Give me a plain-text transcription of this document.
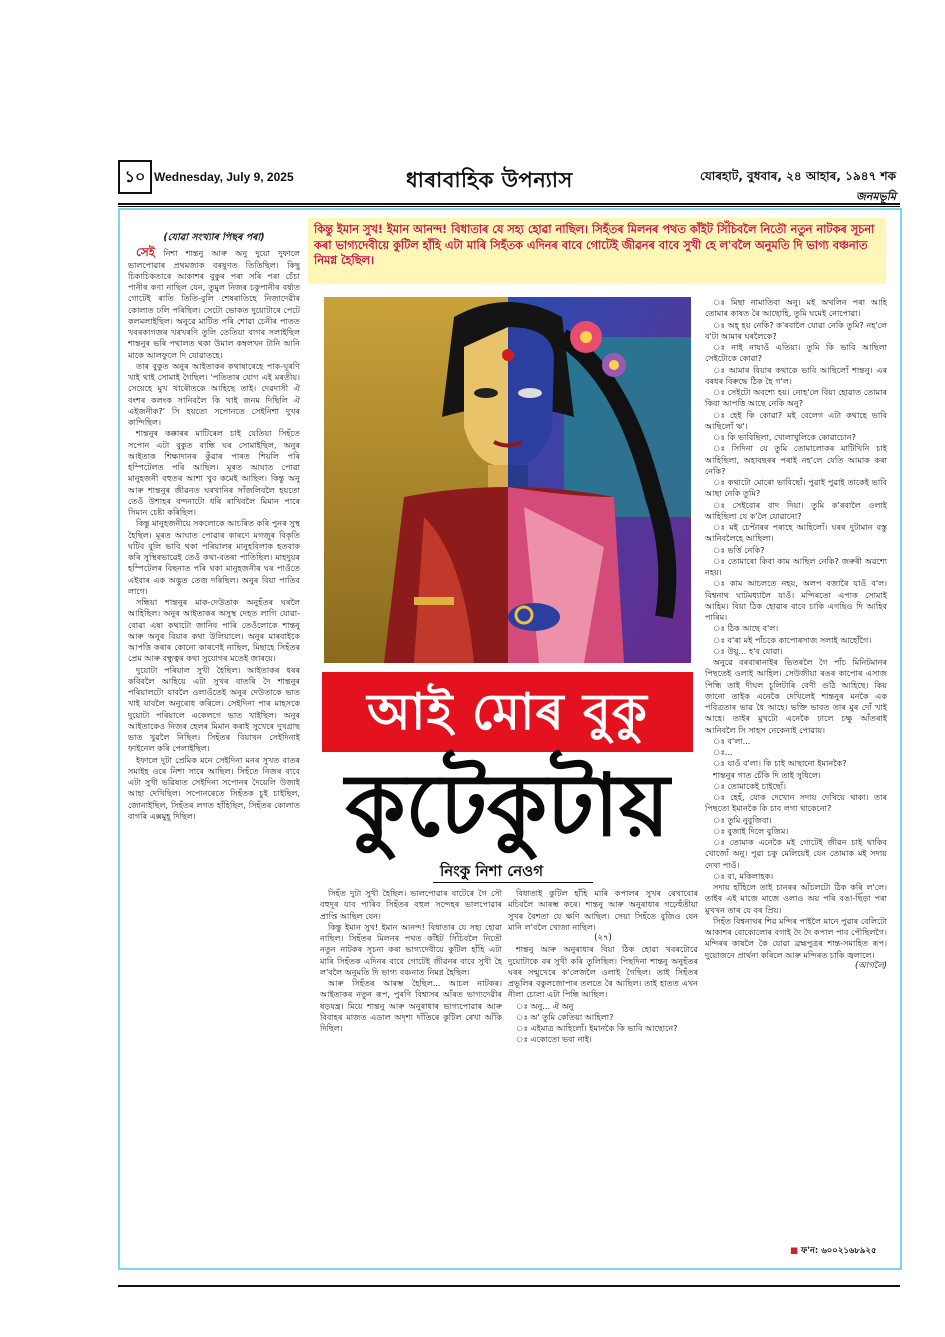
১০ Wednesday, July 9, 2025	ধাৰাবাহিক উপন্যাস	যোৰহাট, বুধবাৰ, ২৪ আহাৰ, ১৯৪৭ শক
জনমভূমি
কিন্তু ইমান সুখ! ইমান আনন্দ! বিধাতাৰ যে সহ্য হোৱা নাছিল। সিহঁতৰ মিলনৰ পথত কাঁইট সিঁচিবলৈ নিতৌ নতুন নাটকৰ সূচনা কৰা ভাগ্যদেবীয়ে কুটিল হাঁহি এটা মাৰি সিহঁতক এদিনৰ বাবে গোটেই জীৱনৰ বাবে সুখী হে ল'বলৈ অনুমতি দি ভাগ্য বঞ্চনাত নিমগ্ন হৈছিল।
আই মোৰ বুকু
কুটেকুটায়
নিংকু নিশা নেওগ
(যোৱা সংখ্যাৰ পিছৰ পৰা)

সেই নিশা শান্তনু আৰু অনু দুয়ো দুফালে ভালপোৱাৰ প্ৰথমজাক বৰষুণত তিতিছিল। কিছু চিকাচিকতাৰে আকাশৰ বুকুৰ পৰা সৰি পৰা চেঁচা পানীৰ কণা নাছিল যেন, তুমুল নিজৰ চকুপানীৰ বৰ্ষাত গোটেই ৰাতি তিতি-বুলি শেষৰাতিহে নিজাদেৱীৰ কোলাত ঢলি পৰিছিল। সেটো ভোকত দুয়োটাৰে পেটে কলমলাইছিল। অনুৱে মাটিত পৰি শোৱা চেনীৰ পাতত খবৰকাগজৰ খৰখৰণি তুলি তেতিয়া বাগৰ সলাইছিল শান্তনুৰ ভৰি পথালত থকা উমাল কম্বলখন টানি আনি মাকে আলফুলে দি যোৱাতহে।

তাৰ বুকুত অনুৰ আইতাকৰ কথাষাৰেহে পাক-ঘূৰণি খাই থাই সোমাই গৈছিল। 'পতিতাৰ যোগ এই মৰতীয়। সেয়েহে মুখ খাৰৌতকে আহিছে তাই। দেৱদাসী ঐ বংশৰ কলংক সানিবলৈ কি খাই জনম দিছিলি ঐ এইজনীক?' সি হয়তো সপোনতে সেইনিশা দুখৰ কান্দিছিল।

শান্তনুৰ কক্কাৰৰ মাটিৰেল চাই যেতিয়া সিহঁতে সপোন এটা বুকুত বান্ধি ঘৰ সোমাইছিল, অনুৰ আইতাক শিক্ষাদানৰ কুঁৱাৰ পাৰত শিয়লি পৰি হস্পিটেলত পৰি আছিল। মূৰত আঘাত পোৱা মানুহজনী বহুতৰ আশা খুব কমেই আছিল। কিন্তু অনু আৰু শান্তনুৰ জীৱনত ঘৰখানিৰ সাঁজলিবলৈ হয়তো তেওঁ উশাহৰ বন্দনাটো ধৰি ৰাখিবলৈ মিমান পাৰে সিমান চেষ্টা কৰিছিল।

কিন্তু মানুহজনীয়ে সকলোকে আচৰিত কৰি পুনৰ সুস্থ হৈছিল। মূৰত আঘাত পোৱাৰ কাৰণে মগজুৰ বিকৃতি ঘটিব বুলি ভাবি থকা পৰিয়ালৰ মানুহবিলাক হতবাক কৰি সুস্থিৰভাৱেই তেওঁ কথা-বতৰা পাতিছিল। মাহদুয়ৰ হস্পিটেলৰ বিছনাত পৰি থকা মানুহজনীৰ ঘৰ পাওঁতে এইবাৰ এক অদ্ভুত তেজ দৰিছিল। অনুৰ বিয়া পাতিব লাগে।

সন্ধিয়া শান্তনুৰ মাক-দেউতাক অনুহঁতৰ ঘৰলৈ আহিছিল। অনুৰ আইতাকৰ অসুস্থ দেহত লাগি যোৱা-বোৱা এষা কথাটো জানিব পাৰি তেওঁলোকে শান্তনু আৰু অনুৰ বিয়াৰ কথা উলিয়ালে। অনুৰ মাৰবাইকে আপত্তি কৰাৰ কোনো কাৰণেই নাছিল, মিছাহে সিহঁতৰ প্ৰেম আৰু বন্ধুত্বৰ কথা সুযোগৰ মতেই জাৰয়ে।

দুয়োটা পৰিয়াল সুখী হৈছিল। আইতাকৰ ধৰৰ কবিবলৈ আহিয়ে এটা সুখৰ বাতৰি দৈ শান্তনুৰ পৰিয়ালটো যাবলৈ ওলাওঁতেই অনুৰ দেউতাকে ভাত খাই যাবলৈ অনুৰোধ কৰিলে। সেইদিনা পাৰ মাহসকে দুয়োটা পৰিয়ালে একেলগে ভাত খাইছিল। অনুৰ আইতাকেও নিজৰ হেলৰ মিমান কৰাই সুখেৰে দুখগ্ৰাছ ভাত খুৱলৈ নিছিল। সিহঁতৰ বিয়াখন সেইদিনাই ফাইনেল কৰি পেলাইছিল।

ইফালে দুটা প্ৰেমিক মনে সেইদিনা মনৰ সুখত বাতৰ সমাইহ ওৰে নিশা সাৰে আছিল। সিহঁতে নিজৰ বাবে এটা সুখী ভৱিষ্যত সেইদিনা সপোনৰ দৈয়েলি উজাই আহা দেখিছিল। সপোনৰেতে সিহঁতক চুই চাইছিল, জোনাইছিল, সিহঁতৰ লগত হাঁহিছিল, সিহঁতৰ কোলাত বাগৰি এক্সমুহূ দিছিল।

সিহঁত দুটা সুখী হৈছিল। ভালপোৱাৰ বাটেৰে গৈ সৌ বহুদূৰ যাব পাৰিব সিহঁতৰ বহুল সন্দেহৰ ভালপোৱাৰ প্ৰাপ্তি আছিল যেন।

কিন্তু ইমান সুখ! ইমান আনন্দ! বিধাতাৰ যে সহ্য হোৱা নাছিল। সিহঁতৰ মিলনৰ পথত কাঁইট সিঁচিবলৈ নিতৌ নতুন নাটকৰ সূচনা কৰা ভাগ্যদেবীয়ে কুটিল হাঁহি এটা মাৰি সিহঁতক এদিনৰ বাবে গোটেই জীৱনৰ বাবে সুখী হৈ ল'বলৈ অনুমতি দি ভাগ্য বঞ্চনাত নিমগ্ন হৈছিল।

আৰু সিহঁতৰ আৰম্ভ হৈছিল... আচল নাটকৰ। আইতাকৰ নতুন ৰূপ, পুৰণি বিশ্বাসৰ আঁৰত ভাগ্যদেৱীৰ ষড়যন্ত্ৰ। মিয়ে শান্তনু আৰু অনুৰাধাৰ ভাগ্যপোৱাৰ আৰু বিবাহৰ মাজত এডাল অদৃশ্য দাঁতিৰে কুটিল ৰেখা আঁকি দিছিল।

বিধাতাই কুটিল হাঁহি মাৰি কপালৰ সুখৰ ৰেখাবোৰ মচিবলৈ আৰম্ভ কৰে। শান্তনু আৰু অনুৰাধাৰ গঢ়েহুঁতীয়া সুখৰ বৈশতা যে ক্ষণি আছিল। সেয়া সিহঁতে বুজিও যেন মানি ল'বলৈ খোজা নাছিল।

(২৭)

শান্তনু আৰু অনুৰাধাৰ বিয়া ঠিক হোৱা খবৰটোৱে দুয়োটাকে বৰ সুখী কৰি তুলিছিল। পিছদিনা শান্তনু অনুহঁতৰ ঘৰৰ সন্মুখেৰে ক'লেজলৈ ওলাই গৈছিল। তাই সিহঁতৰ প্ৰভূলিৰ বকুলজোপাৰ তলতে ৰৈ আছিল। তাই হাতত এখন নীলা চোলা এটা পিন্ধি আছিল।

ঃ অনু... ঐ অনু

ঃ অ' তুমি কেতিয়া আহিলা?

ঃ এইমাত্ৰ আহিলোঁ। ইমানকৈ কি ভাবি আছোনে?

ঃ একোতো ভবা নাই।

ঃ মিছা নামাতিবা অনু। মই অথলিন পৰা আহি তোমাৰ কাষত ৰৈ আছোহি, তুমি ঘমেই নোপোৱা।

ঃ অহ্ হয় নেকি? ক'ৰবালৈ যোৱা নেকি তুমি? নহ'লে ব'টা আমাৰ ঘৰলৈকে?

ঃ নাই নাযাওঁ এতিয়া। তুমি কি ভাবি আছিলা সেইটোকে কোৱা?

ঃ আমাৰ বিয়াৰ কথাকে ভাবি আছিলোঁ শান্তনু। এৰ বৰধৰ বিৰুদ্ধে ঠিক হৈ গ'ল।

ঃ সেইটো অবশ্যে হয়। নোহ'লে বিয়া হোৱাত তোমাৰ কিবা আপত্তি আছে নেকি অনু?

ঃ হেই কি কোৱা? মই বেলেগ এটা কথাহে ভাবি আছিলোঁ ঋ'।

ঃ কি ভাবিছিলা, খোলাখুলিকে কোৱাচোন?

ঃ সিদিনা যে তুমি তোমালোকৰ মাটিখিনি চাই আহিছিলা, অহাবছৰৰ পৰাই নহ'লে যেতি আমাক কৰা নেকি?

ঃ কথাটো মোৰো ভাবিছোঁ। পুৱাই পুৱাই তাকেই ভাবি আছা নেকি তুমি?

ঃ সেইবোৰ বাদ দিয়া। তুমি ক'ৰবালৈ ওলাই আহিছিলা যে ক'লৈ যোৱানো?

ঃ মই চেপ্টাৰৰ পৰাহে আহিলোঁ। ঘৰৰ দুটামান বস্তু আনিবলৈহে আছিলা।

ঃ ভৰ্ত্তি নেকি?

ঃ তোমাৰো কিবা কাম আছিল নেকি? জৰুৰী অৱশ্যে নহয়।

ঃ কাম আচলতে নহয়, অলপ বজাৰৈ যাওঁ ব'ল। বিশ্বনাথ ঘাটমধ্যালৈ যাওঁ। মন্দিৰতো এপাক সোমাই আহিম। বিয়া ঠিক হোৱাৰ বাবে চাকি এগছিও দি আহিব পাৰিম।

ঃ ঠিক আছে ব'ল।

ঃ ব'ৰা মই পাঁচকে কাপোৰসাজ সলাই আহোঁগৈ।

ঃ উয়ু... হ'ব যোৱা।

অনুৱে বৰবাৰানাইৰ ভিতৰলৈ গৈ পাঁচ মিনিটমানৰ পিছতেই ওলাই আহিল। সেউজীয়া ৰঙৰ কাপোৰ এসাজ পিন্ধি তাই দীঘল চুলিটাৰি বেণী গুঠি আহিছে। কিয় জানো তাইক এনেকৈ দেখিলেই শান্তনুৰ মনকৈ এক পবিত্ৰতাৰ ভাৱ ধৈ আহে। ভক্তি ভাবত তাৰ মুৰ দোঁ খাই আহে। তাইৰ মুখটো এনেকৈ ঢালে চক্ষু আঁতৰাই আনিবলৈ সি সাহস নেকেনাই পোৱায়।

ঃ ব'লা...

ঃ...

ঃ যাওঁ ব'লা। কি চাই আছানো ইমানকৈ?

শান্তনুৰ গাত চেঁকি দি তাই সুধিলে।

ঃ তোমাকেই চাইছোঁ।

ঃ হেহঁ, যোক দেখোন সদায় দেখিয়ে থাকা। তাৰ পিছতো ইমানকৈ কি চাব লগা থাকেনো?

ঃ তুমি নুবুজিবা।

ঃ বুজাই দিলে বুজিম।

ঃ তোমাক এনেকৈ মই গোটেই জীৱন চাই থাকিব খোজোঁ অনু। পুৱা চকু মেলিয়েই যেন তোমাক মই সদায় দেখা পাওঁ।

ঃ বা, মকিলাহক।

সদায় হাঁহিলে তাই চানৰৰ আঁচলটো ঠিক কৰি ল'লে। তাইৰ এই মাজে মাজে ওলাও অয় পৰি বঙা-ছিঁড়া পৰা মুখখন তাৰ যে বৰ প্ৰিয়।

সিহঁত বিশ্বনাথৰ শিৱ মন্দিৰ পাইলৈ মানে পুৱাৰ বেলিটো আকাশৰ বোকোলোৰ বগাই দৈ দৈ কপাল পাব পৌছিলগৈ। মন্দিৰৰ কাষলৈ কৈ যোৱা ব্ৰহ্মপুত্ৰৰ শান্ত-সমাহিত ৰূপ। দুয়োজনে প্ৰাৰ্থনা কৰিলে আৰু মন্দিৰত চাকি জ্বলালে।

(আগলৈ)

■ ফ'ন: ৬০০২১৬৮৯২৫
